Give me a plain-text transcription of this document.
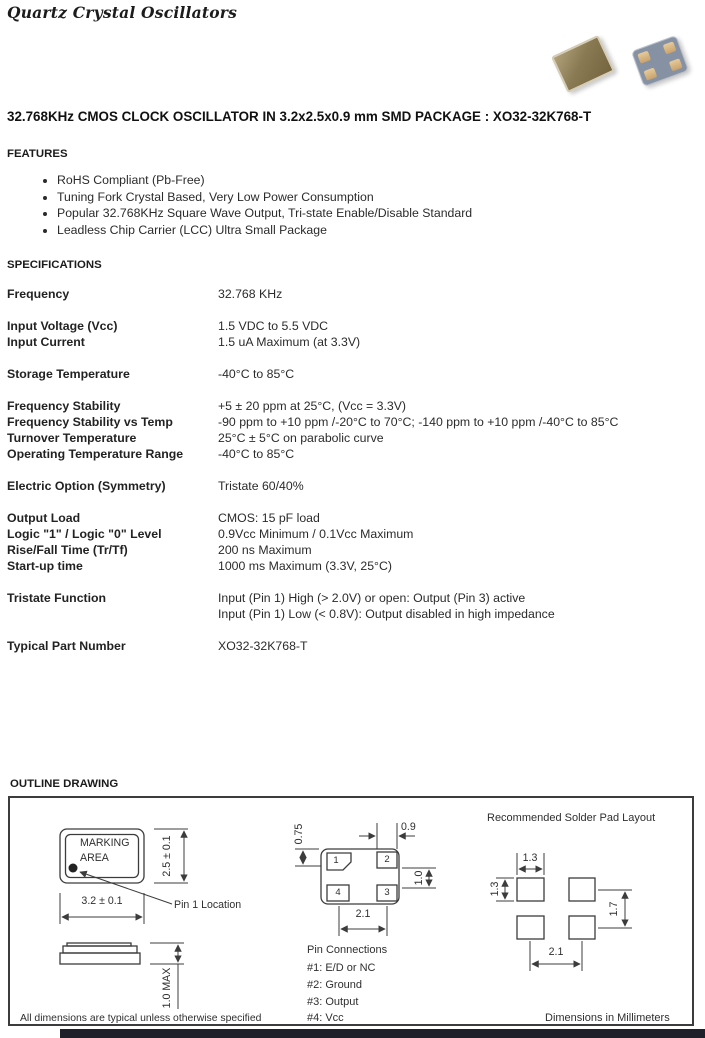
Quartz Crystal Oscillators
32.768KHz CMOS CLOCK OSCILLATOR IN 3.2x2.5x0.9 mm SMD PACKAGE : XO32-32K768-T
FEATURES
• RoHS Compliant (Pb-Free)
• Tuning Fork Crystal Based, Very Low Power Consumption
• Popular 32.768KHz Square Wave Output, Tri-state Enable/Disable Standard
• Leadless Chip Carrier (LCC) Ultra Small Package
SPECIFICATIONS
Frequency	32.768 KHz
Input Voltage (Vcc)	1.5 VDC to 5.5 VDC
Input Current	1.5 uA Maximum (at 3.3V)
Storage Temperature	-40°C to 85°C
Frequency Stability	+5 ± 20 ppm at 25°C, (Vcc = 3.3V)
Frequency Stability vs Temp	-90 ppm to +10 ppm /-20°C to 70°C; -140 ppm to +10 ppm /-40°C to 85°C
Turnover Temperature	25°C ± 5°C on parabolic curve
Operating Temperature Range	-40°C to 85°C
Electric Option (Symmetry)	Tristate 60/40%
Output Load	CMOS: 15 pF load
Logic "1" / Logic "0" Level	0.9Vcc Minimum / 0.1Vcc Maximum
Rise/Fall Time (Tr/Tf)	200 ns Maximum
Start-up time	1000 ms Maximum (3.3V, 25°C)
Tristate Function	Input (Pin 1) High (> 2.0V) or open: Output (Pin 3) active
Input (Pin 1) Low (< 0.8V): Output disabled in high impedance
Typical Part Number	XO32-32K768-T
OUTLINE DRAWING
MARKING
AREA
3.2 ± 0.1
2.5 ± 0.1
Pin 1 Location
1.0 MAX
All dimensions are typical unless otherwise specified
1	2
4	3
0.75	0.9
1.0
2.1
Pin Connections
#1: E/D or NC
#2: Ground
#3: Output
#4: Vcc
Recommended Solder Pad Layout
1.3
1.3
1.7
2.1
Dimensions in Millimeters
